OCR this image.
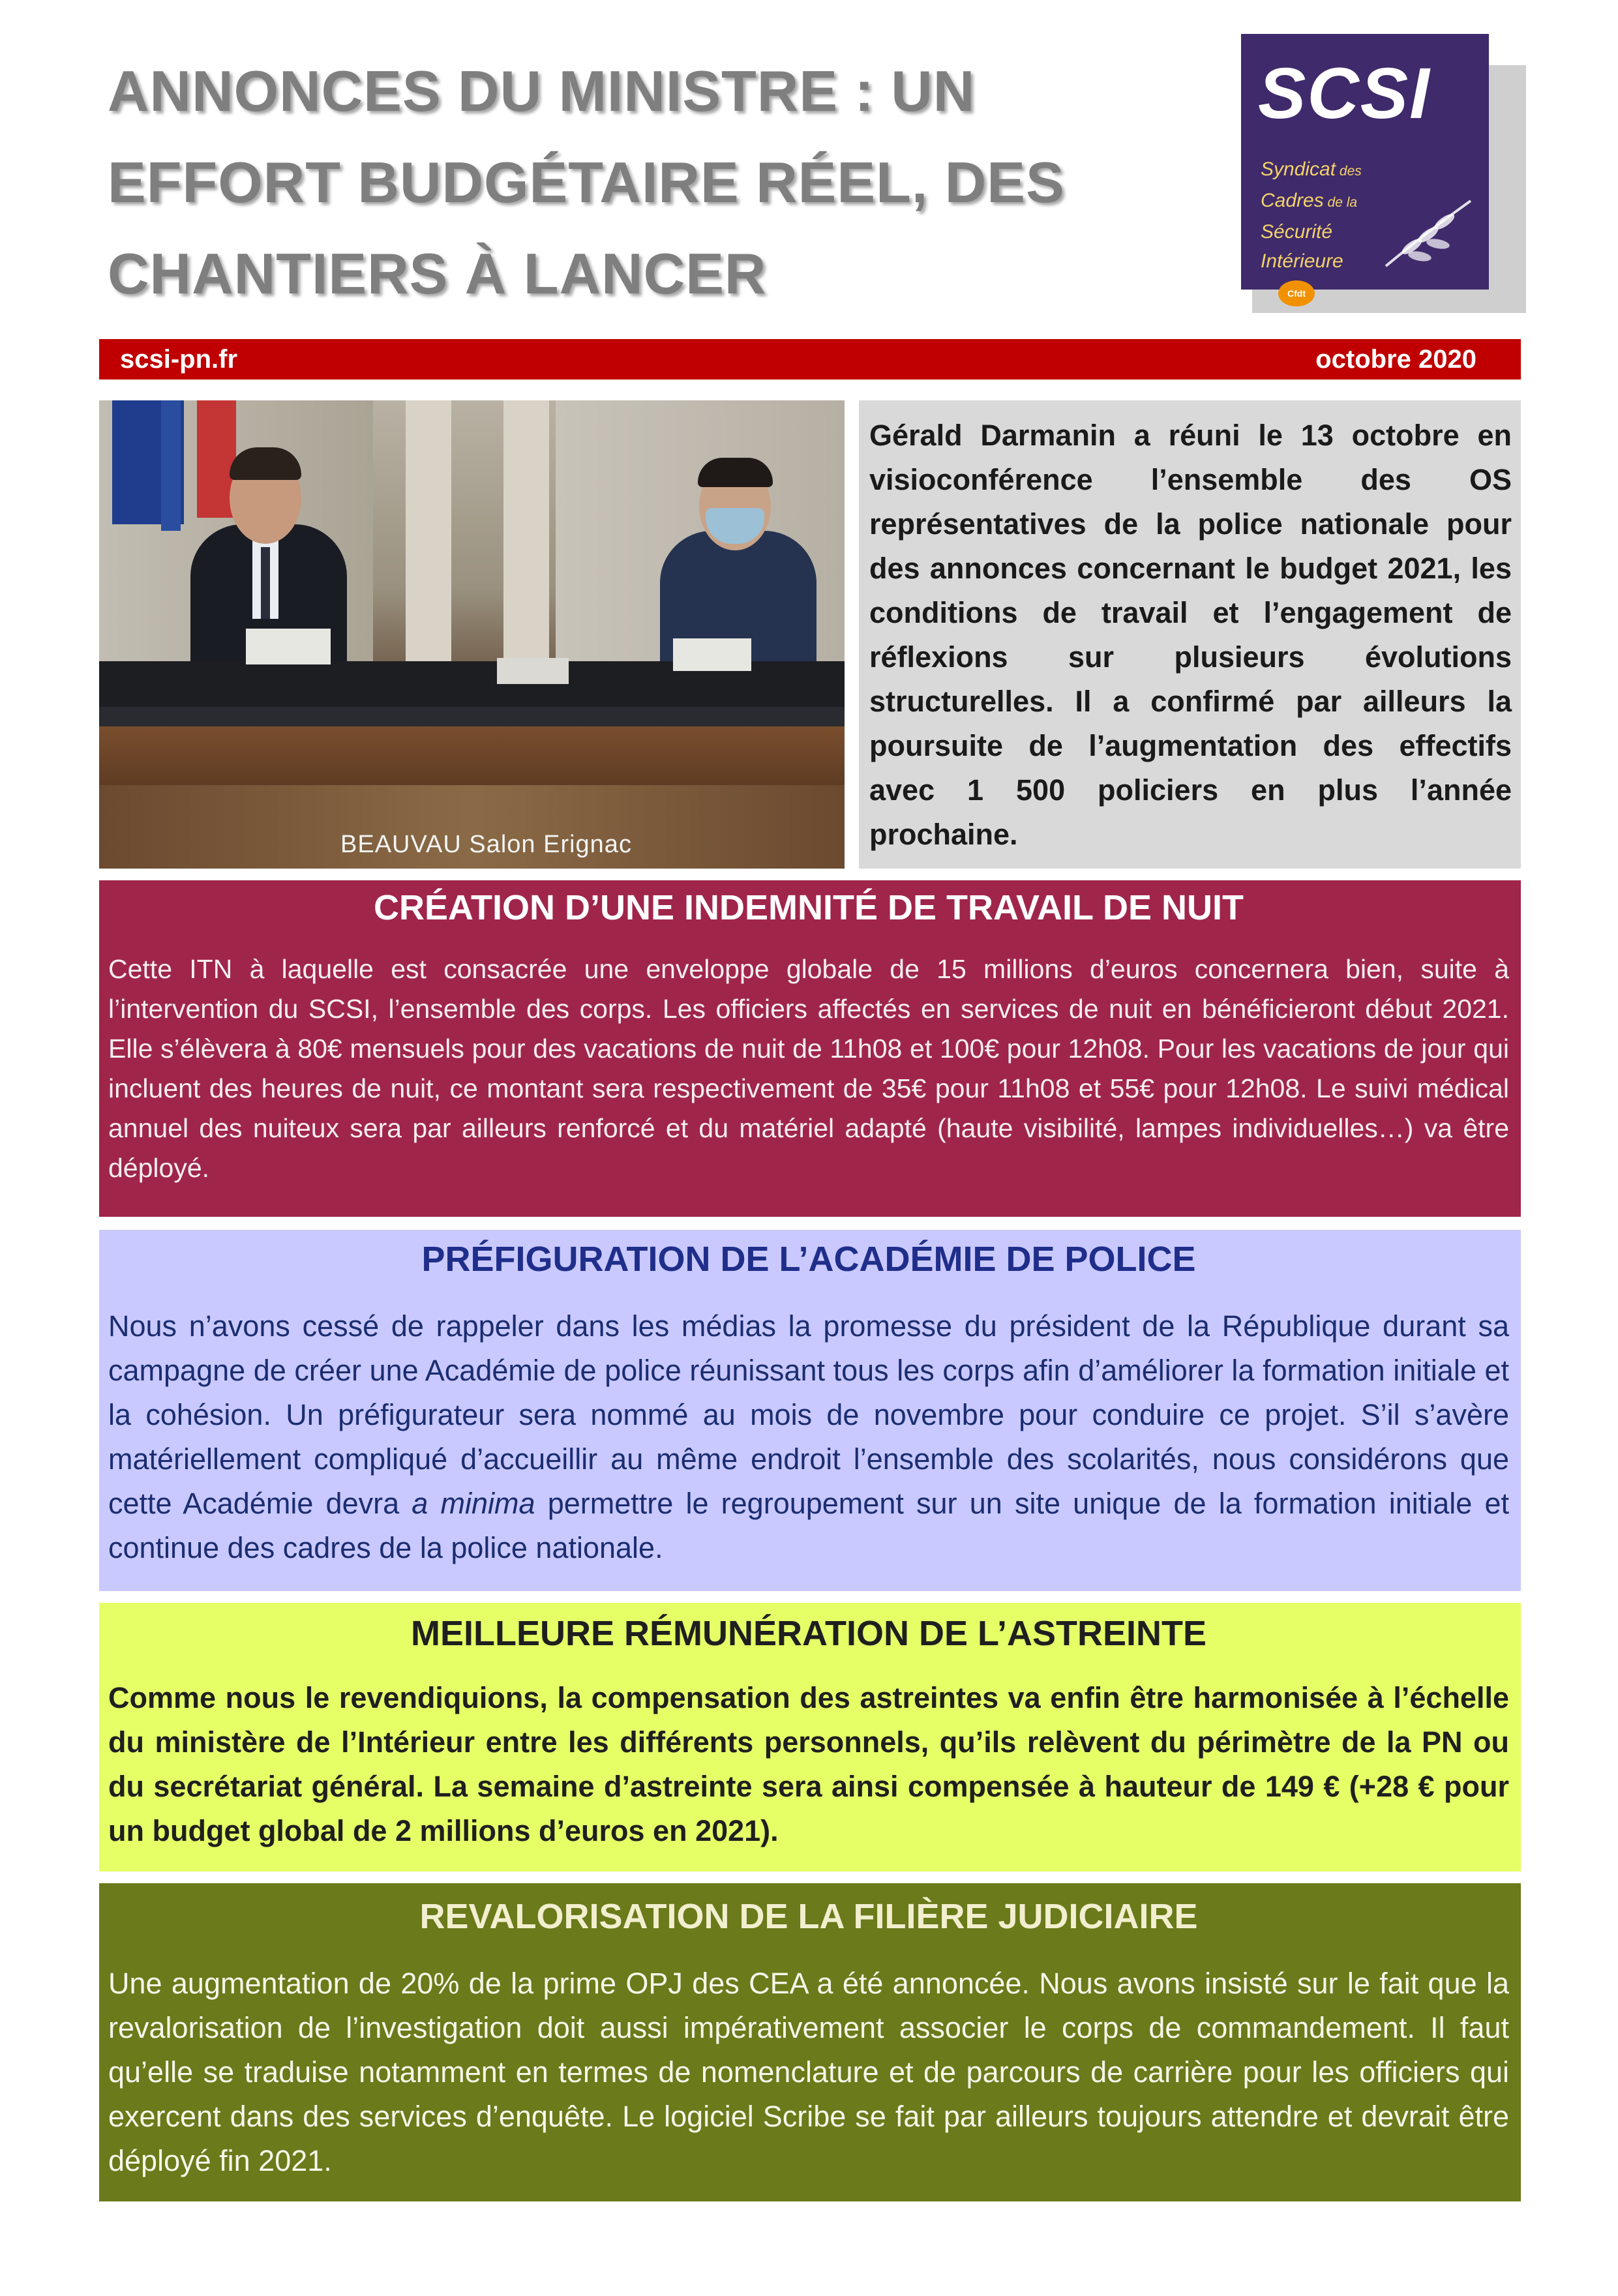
ANNONCES DU MINISTRE : UN
EFFORT BUDGÉTAIRE RÉEL, DES
CHANTIERS À LANCER
SCSI
Syndicat des
Cadres de la
Sécurité
Intérieure
Cfdt
scsi-pn.fr	octobre 2020
BEAUVAU Salon Erignac

Gérald Darmanin a réuni le 13 octobre en visioconférence l’ensemble des OS représentatives de la police nationale pour des annonces concernant le budget 2021, les conditions de travail et l’engagement de réflexions sur plusieurs évolutions structurelles. Il a confirmé par ailleurs la poursuite de l’augmentation des effectifs avec 1 500 policiers en plus l’année prochaine.

CRÉATION D’UNE INDEMNITÉ DE TRAVAIL DE NUIT

Cette ITN à laquelle est consacrée une enveloppe globale de 15 millions d’euros concernera bien, suite à l’intervention du SCSI, l’ensemble des corps. Les officiers affectés en services de nuit en bénéficieront début 2021. Elle s’élèvera à 80€ mensuels pour des vacations de nuit de 11h08 et 100€ pour 12h08. Pour les vacations de jour qui incluent des heures de nuit, ce montant sera respectivement de 35€ pour 11h08 et 55€ pour 12h08. Le suivi médical annuel des nuiteux sera par ailleurs renforcé et du matériel adapté (haute visibilité, lampes individuelles…) va être déployé.

PRÉFIGURATION DE L’ACADÉMIE DE POLICE

Nous n’avons cessé de rappeler dans les médias la promesse du président de la République durant sa campagne de créer une Académie de police réunissant tous les corps afin d’améliorer la formation initiale et la cohésion. Un préfigurateur sera nommé au mois de novembre pour conduire ce projet. S’il s’avère matériellement compliqué d’accueillir au même endroit l’ensemble des scolarités, nous considérons que cette Académie devra a minima permettre le regroupement sur un site unique de la formation initiale et continue des cadres de la police nationale.

MEILLEURE RÉMUNÉRATION DE L’ASTREINTE

Comme nous le revendiquions, la compensation des astreintes va enfin être harmonisée à l’échelle du ministère de l’Intérieur entre les différents personnels, qu’ils relèvent du périmètre de la PN ou du secrétariat général. La semaine d’astreinte sera ainsi compensée à hauteur de 149 € (+28 € pour un budget global de 2 millions d’euros en 2021).

REVALORISATION DE LA FILIÈRE JUDICIAIRE

Une augmentation de 20% de la prime OPJ des CEA a été annoncée. Nous avons insisté sur le fait que la revalorisation de l’investigation doit aussi impérativement associer le corps de commandement. Il faut qu’elle se traduise notamment en termes de nomenclature et de parcours de carrière pour les officiers qui exercent dans des services d’enquête. Le logiciel Scribe se fait par ailleurs toujours attendre et devrait être déployé fin 2021.
